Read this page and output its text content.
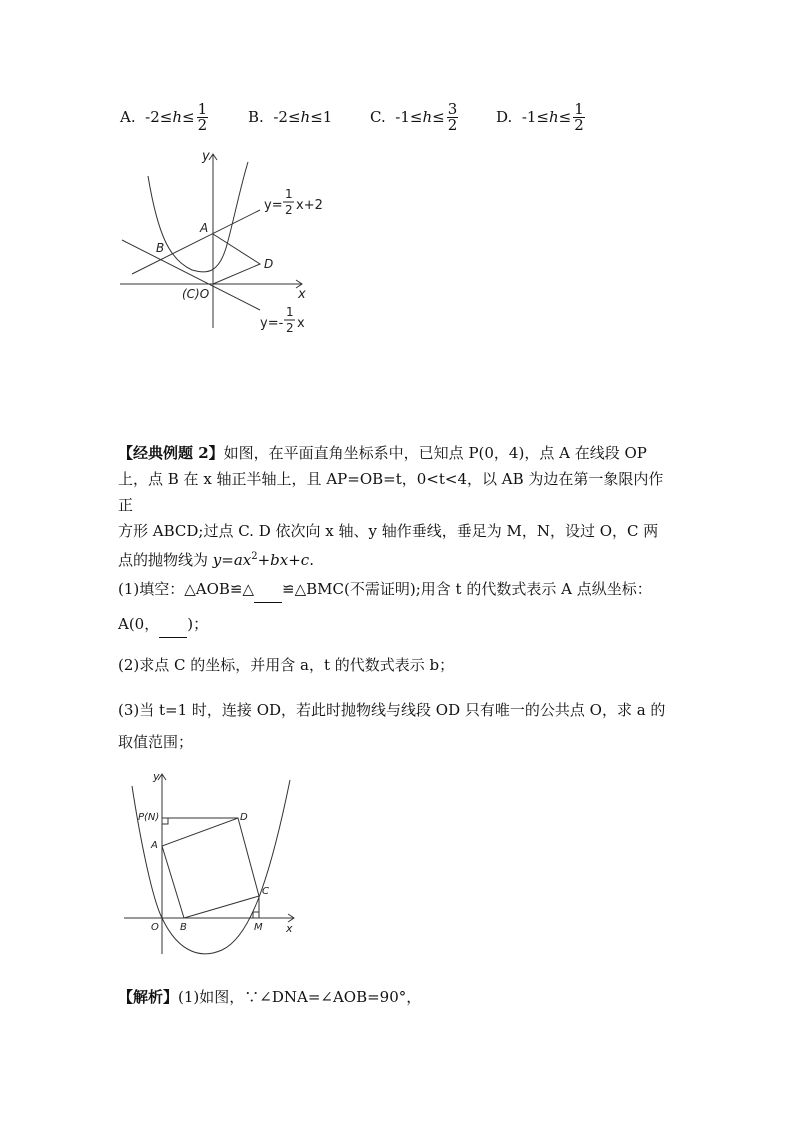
A.
$-2\le h \le \frac{1}{2}$	B.
-2≤ h ≤ 1	C.
$-1\le h \le \frac{3}{2}$	D.
$-1\le h \le \frac{1}{2}$
y
x
A
B
D
(C)O
y=
1
2 x+2
y=-
1
2 x
【经典例题 2】如图，在平面直角坐标系中，已知点 P(0，4)，点 A 在线段 OP
上，点 B 在 x 轴正半轴上，且 AP=OB=t，0<t<4，以 AB 为边在第一象限内作正
方形 ABCD;过点 C. D 依次向 x 轴、y 轴作垂线，垂足为 M，N，设过 O，C 两
点的抛物线为 $y=ax^2+bx+c$.
(1)填空：△AOB≌△ ≌△BMC(不需证明);用含 t 的代数式表示 A 点纵坐标：
A(0， )；
(2)求点 C 的坐标，并用含 a，t 的代数式表示 b；
(3)当 t=1 时，连接 OD，若此时抛物线与线段 OD 只有唯一的公共点 O，求 a 的
取值范围；
y
x
P(N)	D
A
C
O B	M
【解析】(1)如图，∵∠DNA=∠AOB=90°，
